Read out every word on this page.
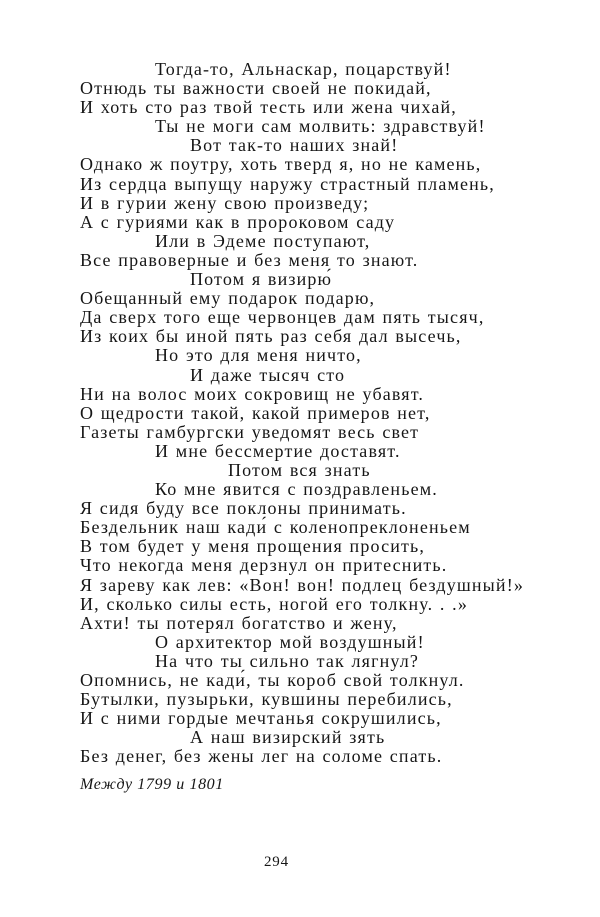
Тогда-то, Альнаскар, поцарствуй!
Отнюдь ты важности своей не покидай,
И хоть сто раз твой тесть или жена чихай,
Ты не моги сам молвить: здравствуй!
Вот так-то наших знай!
Однако ж поутру, хоть тверд я, но не камень,
Из сердца выпущу наружу страстный пламень,
И в гурии жену свою произведу;
А с гуриями как в пророковом саду
Или в Эдеме поступают,
Все правоверные и без меня то знают.
Потом я визирю́
Обещанный ему подарок подарю,
Да сверх того еще червонцев дам пять тысяч,
Из коих бы иной пять раз себя дал высечь,
Но это для меня ничто,
И даже тысяч сто
Ни на волос моих сокровищ не убавят.
О щедрости такой, какой примеров нет,
Газеты гамбургски уведомят весь свет
И мне бессмертие доставят.
Потом вся знать
Ко мне явится с поздравленьем.
Я сидя буду все поклоны принимать.
Бездельник наш кади́ с коленопреклоненьем
В том будет у меня прощения просить,
Что некогда меня дерзнул он притеснить.
Я зареву как лев: «Вон! вон! подлец бездушный!»
И, сколько силы есть, ногой его толкну. . .»
Ахти! ты потерял богатство и жену,
О архитектор мой воздушный!
На что ты сильно так лягнул?
Опомнись, не кади́, ты короб свой толкнул.
Бутылки, пузырьки, кувшины перебились,
И с ними гордые мечтанья сокрушились,
А наш визирский зять
Без денег, без жены лег на соломе спать.
Между 1799 и 1801
294
